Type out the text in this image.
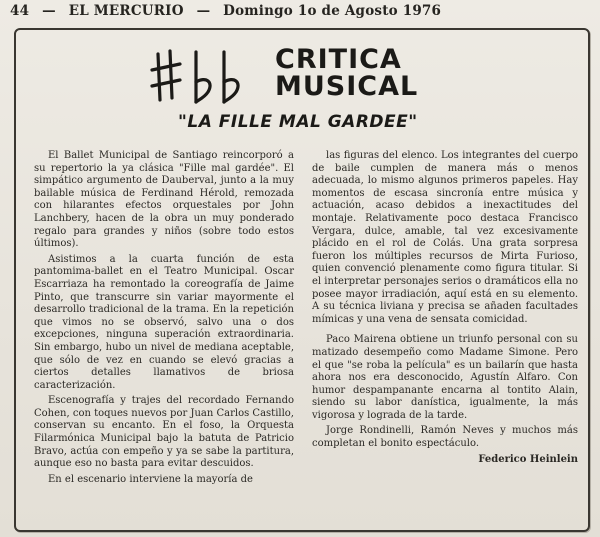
44 — EL MERCURIO — Domingo 1o de Agosto 1976
CRITICA
MUSICAL
"LA FILLE MAL GARDEE"

El Ballet Municipal de Santiago reincorporó a su repertorio la ya clásica "Fille mal gardée". El simpático argumento de Dauberval, junto a la muy bailable música de Ferdinand Hérold, remozada con hilarantes efectos orquestales por John Lanchbery, hacen de la obra un muy ponderado regalo para grandes y niños (sobre todo estos últimos).

Asistimos a la cuarta función de esta pantomima-ballet en el Teatro Municipal. Oscar Escarriaza ha remontado la coreografía de Jaime Pinto, que transcurre sin variar mayormente el desarrollo tradicional de la trama. En la repetición que vimos no se observó, salvo una o dos excepciones, ninguna superación extraordinaria. Sin embargo, hubo un nivel de mediana aceptable, que sólo de vez en cuando se elevó gracias a ciertos detalles llamativos de briosa caracterización.

Escenografía y trajes del recordado Fernando Cohen, con toques nuevos por Juan Carlos Castillo, conservan su encanto. En el foso, la Orquesta Filarmónica Municipal bajo la batuta de Patricio Bravo, actúa con empeño y ya se sabe la partitura, aunque eso no basta para evitar descuidos.

En el escenario interviene la mayoría de

las figuras del elenco. Los integrantes del cuerpo de baile cumplen de manera más o menos adecuada, lo mismo algunos primeros papeles. Hay momentos de escasa sincronía entre música y actuación, acaso debidos a inexactitudes del montaje. Relativamente poco destaca Francisco Vergara, dulce, amable, tal vez excesivamente plácido en el rol de Colás. Una grata sorpresa fueron los múltiples recursos de Mirta Furioso, quien convenció plenamente como figura titular. Si el interpretar personajes serios o dramáticos ella no posee mayor irradiación, aquí está en su elemento. A su técnica liviana y precisa se añaden facultades mímicas y una vena de sensata comicidad.

Paco Mairena obtiene un triunfo personal con su matizado desempeño como Madame Simone. Pero el que "se roba la película" es un bailarín que hasta ahora nos era desconocido, Agustín Alfaro. Con humor despampanante encarna al tontito Alain, siendo su labor danística, igualmente, la más vigorosa y lograda de la tarde.

Jorge Rondinelli, Ramón Neves y muchos más completan el bonito espectáculo.

Federico Heinlein
